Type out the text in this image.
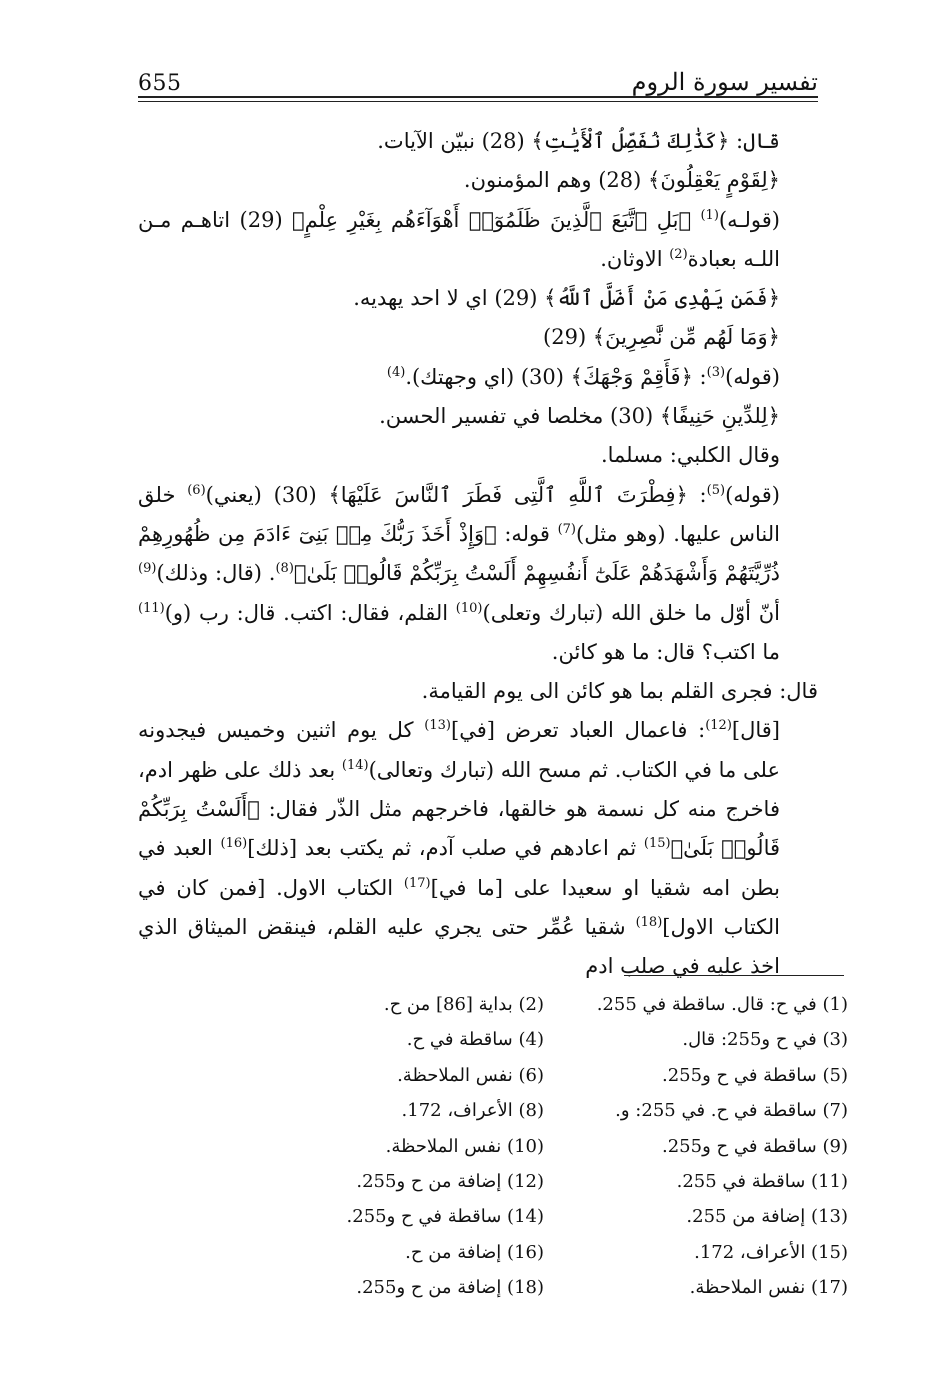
655	تفسير سورة الروم

قال: ﴿كَذَٰلِكَ نُفَصِّلُ ٱلْأَيَٰتِ﴾ (28) نبيّن الآيات.

﴿لِقَوْمٍ يَعْقِلُونَ﴾ (28) وهم المؤمنون.

(قولـه)$^{(1)}$ ﴿بَلِ ٱتَّبَعَ ٱلَّذِينَ ظَلَمُوٓا۟ أَهْوَآءَهُم بِغَيْرِ عِلْمٍ﴾ (29) اتاهـم مـن اللـه بعبادة$^{(2)}$ الاوثان.

﴿فَمَن يَهْدِى مَنْ أَضَلَّ ٱللَّهُ﴾ (29) اي لا احد يهديه.

﴿وَمَا لَهُم مِّن نَّٰصِرِينَ﴾ (29)

(قوله)$^{(3)}$: ﴿فَأَقِمْ وَجْهَكَ﴾ (30) (اي وجهتك).$^{(4)}$

﴿لِلدِّينِ حَنِيفًا﴾ (30) مخلصا في تفسير الحسن.

وقال الكلبي: مسلما.

(قوله)$^{(5)}$: ﴿فِطْرَتَ ٱللَّهِ ٱلَّتِى فَطَرَ ٱلنَّاسَ عَلَيْهَا﴾ (30) (يعني)$^{(6)}$ خلق الناس عليها. (وهو مثل)$^{(7)}$ قوله: ﴿وَإِذْ أَخَذَ رَبُّكَ مِنۢ بَنِىٓ ءَادَمَ مِن ظُهُورِهِمْ ذُرِّيَّتَهُمْ وَأَشْهَدَهُمْ عَلَىٰٓ أَنفُسِهِمْ أَلَسْتُ بِرَبِّكُمْ قَالُوا۟ بَلَىٰ﴾$^{(8)}$. (قال: وذلك)$^{(9)}$ أنّ أوّل ما خلق الله (تبارك وتعلى)$^{(10)}$ القلم، فقال: اكتب. قال: رب (و)$^{(11)}$ ما اكتب؟ قال: ما هو كائن.

قال: فجرى القلم بما هو كائن الى يوم القيامة.

[قال]$^{(12)}$: فاعمال العباد تعرض [في]$^{(13)}$ كل يوم اثنين وخميس فيجدونه على ما في الكتاب. ثم مسح الله (تبارك وتعالى)$^{(14)}$ بعد ذلك على ظهر ادم، فاخرج منه كل نسمة هو خالقها، فاخرجهم مثل الذّر فقال: ﴿أَلَسْتُ بِرَبِّكُمْ قَالُوا۟ بَلَىٰ﴾$^{(15)}$ ثم اعادهم في صلب آدم، ثم يكتب بعد [ذلك]$^{(16)}$ العبد في بطن امه شقيا او سعيدا على [ما في]$^{(17)}$ الكتاب الاول. [فمن كان في الكتاب الاول]$^{(18)}$ شقيا عُمِّر حتى يجري عليه القلم، فينقض الميثاق الذي اخذ عليه في صلب ادم

(1) في ح: قال. ساقطة في 255.
(2) بداية [86] من ح.
(3) في ح و255: قال.
(4) ساقطة في ح.
(5) ساقطة في ح و255.
(6) نفس الملاحظة.
(7) ساقطة في ح. في 255: و.
(8) الأعراف، 172.
(9) ساقطة في ح و255.
(10) نفس الملاحظة.
(11) ساقطة في 255.
(12) إضافة من ح و255.
(13) إضافة من 255.
(14) ساقطة في ح و255.
(15) الأعراف، 172.
(16) إضافة من ح.
(17) نفس الملاحظة.
(18) إضافة من ح و255.
